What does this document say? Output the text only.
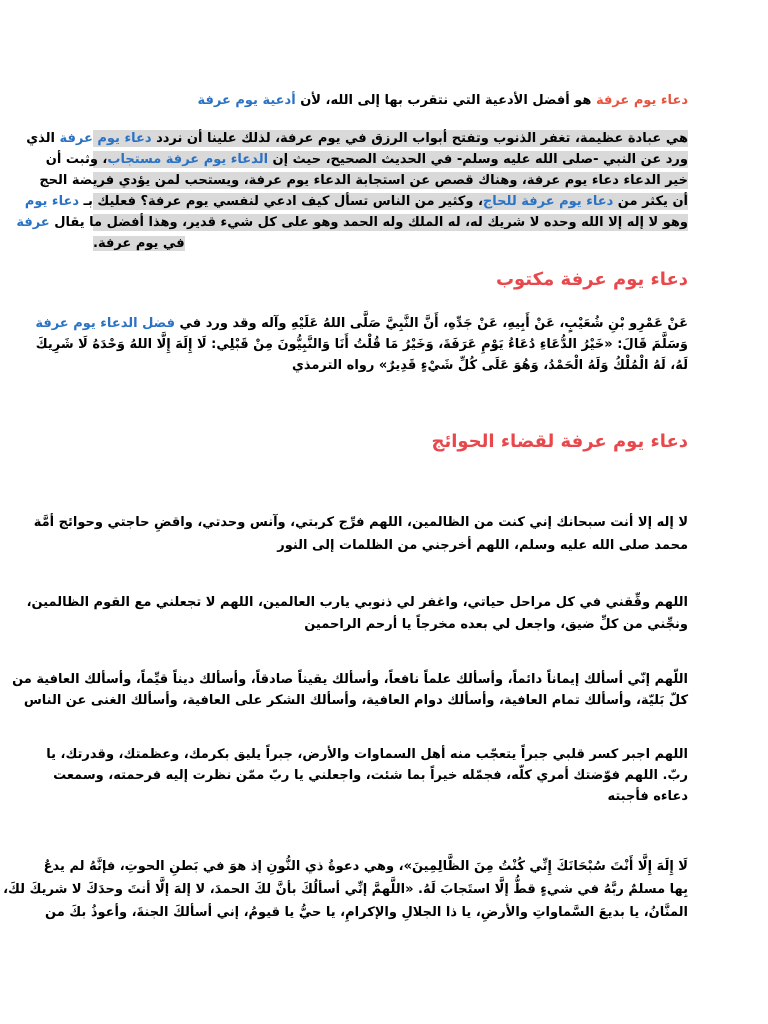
دعاء يوم عرفة هو أفضل الأدعية التي نتقرب بها إلى الله، لأن أدعية يوم عرفة
هي عبادة عظيمة، تغفر الذنوب وتفتح أبواب الرزق في يوم عرفة، لذلك علينا أن نردد دعاء يوم عرفة الذي
ورد عن النبي -صلى الله عليه وسلم- في الحديث الصحيح، حيث إن الدعاء يوم عرفة مستجاب، وثبت أن
خير الدعاء دعاء يوم عرفة، وهناك قصص عن استجابة الدعاء يوم عرفة، ويستحب لمن يؤدي فريضة الحج
أن يكثر من دعاء يوم عرفة للحاج، وكثير من الناس تسأل كيف ادعي لنفسي يوم عرفة؟ فعليك بـ دعاء يوم
وهو لا إله إلا الله وحده لا شريك له، له الملك وله الحمد وهو على كل شيء قدير، وهذا أفضل ما يقال عرفة
.في يوم عرفة
دعاء يوم عرفة مكتوب
عَنْ عَمْرِو بْنِ شُعَيْبٍ، عَنْ أَبِيهِ، عَنْ جَدِّهِ، أَنَّ النَّبِيَّ صَلَّى اللهُ عَلَيْهِ وآله وقد ورد في فضل الدعاء يوم عرفة
وَسَلَّمَ قَالَ: «خَيْرُ الدُّعَاءِ دُعَاءُ يَوْمِ عَرَفَةَ، وَخَيْرُ مَا قُلْتُ أَنَا وَالنَّبِيُّونَ مِنْ قَبْلِي: لَا إِلَهَ إِلَّا اللهُ وَحْدَهُ لَا شَرِيكَ
لَهُ، لَهُ الْمُلْكُ وَلَهُ الْحَمْدُ، وَهُوَ عَلَى كُلِّ شَيْءٍ قَدِيرٌ» رواه الترمذي
دعاء يوم عرفة لقضاء الحوائج
لا إله إلا أنت سبحانك إني كنت من الظالمين، اللهم فرِّج كربتي، وآنس وحدتي، واقضِ حاجتي وحوائج أمَّة
محمد صلى الله عليه وسلم، اللهم أخرجني من الظلمات إلى النور
اللهم وفِّقني في كل مراحل حياتي، واغفر لي ذنوبي يارب العالمين، اللهم لا تجعلني مع القوم الظالمين،
ونجِّني من كلِّ ضيق، واجعل لي بعده مخرجاً يا أرحم الراحمين
اللّهم إنّي أسألك إيماناً دائماً، وأسألك علماً نافعاً، وأسألك يقيناً صادقاً، وأسألك ديناً قيِّماً، وأسألك العافية من
كلّ بَليّة، وأسألك تمام العافية، وأسألك دوام العافية، وأسألك الشكر على العافية، وأسألك الغنى عن الناس
اللهم اجبر كسر قلبي جبراً يتعجّب منه أهل السماوات والأرض، جبراً يليق بكرمك، وعظمتك، وقدرتك، يا
ربّ. اللهم فوّضتك أمري كلّه، فجمّله خيراً بما شئت، واجعلني يا ربّ ممّن نظرت إليه فرحمته، وسمعت
دعاءه فأجبته
لَا إِلَهَ إِلَّا أَنْتَ سُبْحَانَكَ إِنِّي كُنْتُ مِنَ الظَّالِمِينَ»، وهي دعوةُ ذي النُّونِ إذ هوَ في بَطنِ الحوتِ، فإنَّهُ لم يدعُ
بِها مسلمٌ ربَّهُ في شيءٍ قطُّ إلَّا استَجابَ لَهُ. «اللَّهمَّ إنِّي أسألُكَ بأنَّ لكَ الحمدَ، لا إلهَ إلَّا أنتَ وحدَكَ لا شريكَ لكَ،
المنَّانُ، يا بديعَ السَّماواتِ والأرضِ، يا ذا الجلالِ والإكرامِ، يا حيُّ يا قيومُ، إني أسألكَ الجنةَ، وأعوذُ بكَ من
